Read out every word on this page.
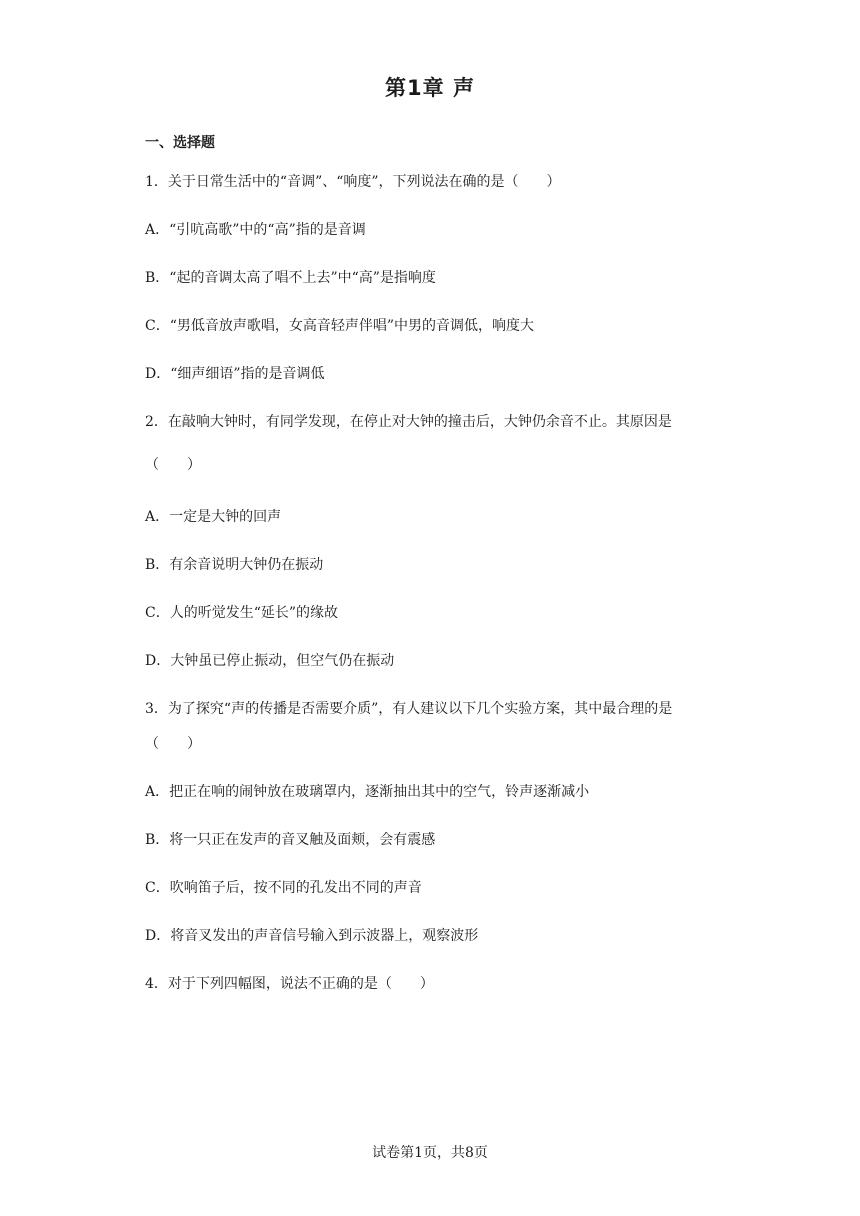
第1章 声
一、选择题
1．关于日常生活中的“音调”、“响度”，下列说法在确的是（　　）
A．“引吭高歌”中的“高”指的是音调
B．“起的音调太高了唱不上去”中“高”是指响度
C．“男低音放声歌唱，女高音轻声伴唱”中男的音调低，响度大
D．“细声细语”指的是音调低
2．在敲响大钟时，有同学发现，在停止对大钟的撞击后，大钟仍余音不止。其原因是
（　　）
A．一定是大钟的回声
B．有余音说明大钟仍在振动
C．人的听觉发生“延长”的缘故
D．大钟虽已停止振动，但空气仍在振动
3．为了探究“声的传播是否需要介质”，有人建议以下几个实验方案，其中最合理的是
（　　）
A．把正在响的闹钟放在玻璃罩内，逐渐抽出其中的空气，铃声逐渐减小
B．将一只正在发声的音叉触及面颊，会有震感
C．吹响笛子后，按不同的孔发出不同的声音
D．将音叉发出的声音信号输入到示波器上，观察波形
4．对于下列四幅图，说法不正确的是（　　）
试卷第1页，共8页
